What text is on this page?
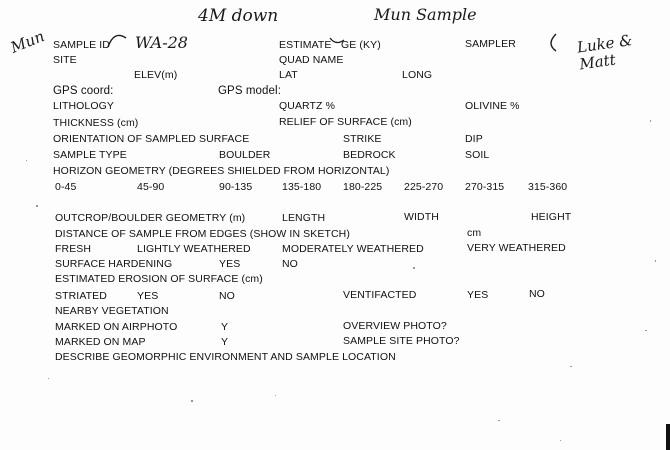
4M down	Mun Sample
Mun	WA-28	Luke & Matt
SAMPLE ID	ESTIMATE GE (KY)	SAMPLER
SITE	QUAD NAME
ELEV(m)	LAT	LONG
GPS coord:	GPS model:
LITHOLOGY	QUARTZ %	OLIVINE %
THICKNESS (cm)	RELIEF OF SURFACE (cm)
ORIENTATION OF SAMPLED SURFACE	STRIKE	DIP
SAMPLE TYPE	BOULDER	BEDROCK	SOIL
HORIZON GEOMETRY (DEGREES SHIELDED FROM HORIZONTAL)
0-45	45-90	90-135	135-180 180-225 225-270 270-315 315-360
OUTCROP/BOULDER GEOMETRY (m)	LENGTH	WIDTH	HEIGHT
DISTANCE OF SAMPLE FROM EDGES (SHOW IN SKETCH)	cm
FRESH	LIGHTLY WEATHERED	MODERATELY WEATHERED	VERY WEATHERED
SURFACE HARDENING	YES	NO
ESTIMATED EROSION OF SURFACE (cm)
STRIATED	YES	NO	VENTIFACTED	YES	NO
NEARBY VEGETATION
MARKED ON AIRPHOTO	Y	OVERVIEW PHOTO?
MARKED ON MAP	Y	SAMPLE SITE PHOTO?
DESCRIBE GEOMORPHIC ENVIRONMENT AND SAMPLE LOCATION
